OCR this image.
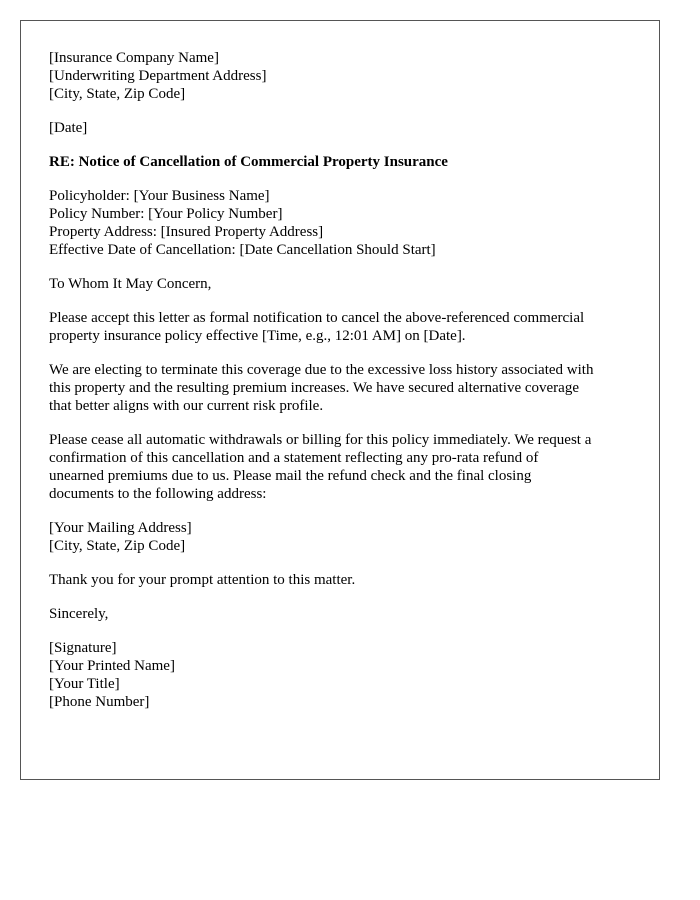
[Insurance Company Name]
[Underwriting Department Address]
[City, State, Zip Code]
[Date]
RE: Notice of Cancellation of Commercial Property Insurance
Policyholder: [Your Business Name]
Policy Number: [Your Policy Number]
Property Address: [Insured Property Address]
Effective Date of Cancellation: [Date Cancellation Should Start]
To Whom It May Concern,
Please accept this letter as formal notification to cancel the above-referenced commercial
property insurance policy effective [Time, e.g., 12:01 AM] on [Date].
We are electing to terminate this coverage due to the excessive loss history associated with
this property and the resulting premium increases. We have secured alternative coverage
that better aligns with our current risk profile.
Please cease all automatic withdrawals or billing for this policy immediately. We request a
confirmation of this cancellation and a statement reflecting any pro-rata refund of
unearned premiums due to us. Please mail the refund check and the final closing
documents to the following address:
[Your Mailing Address]
[City, State, Zip Code]
Thank you for your prompt attention to this matter.
Sincerely,
[Signature]
[Your Printed Name]
[Your Title]
[Phone Number]
